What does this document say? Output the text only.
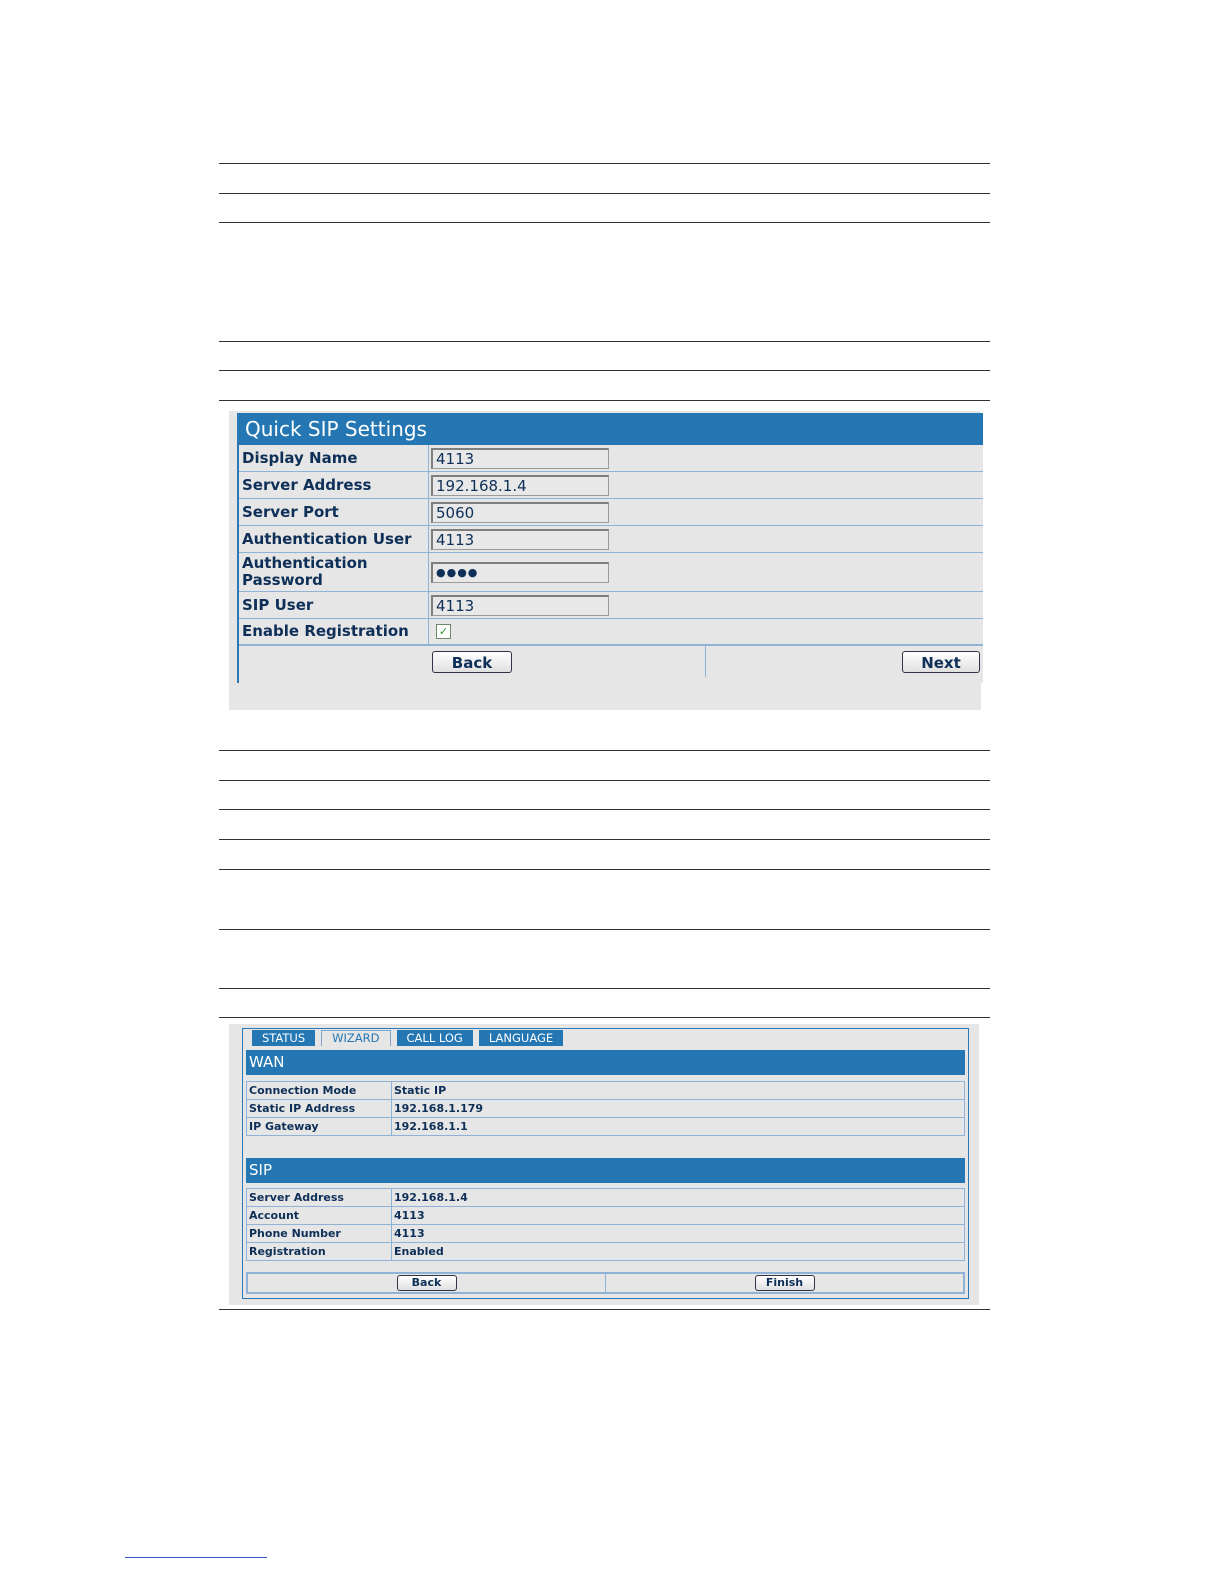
Quick SIP Settings
Display Name	4113
Server Address	192.168.1.4
Server Port	5060
Authentication User	4113
Authentication Password	●●●●
SIP User	4113
Enable Registration	✓
Back	Next
STATUS	WIZARD	CALL LOG	LANGUAGE
WAN
Connection Mode	Static IP
Static IP Address	192.168.1.179
IP Gateway	192.168.1.1
SIP
Server Address	192.168.1.4
Account	4113
Phone Number	4113
Registration	Enabled
Back	Finish
